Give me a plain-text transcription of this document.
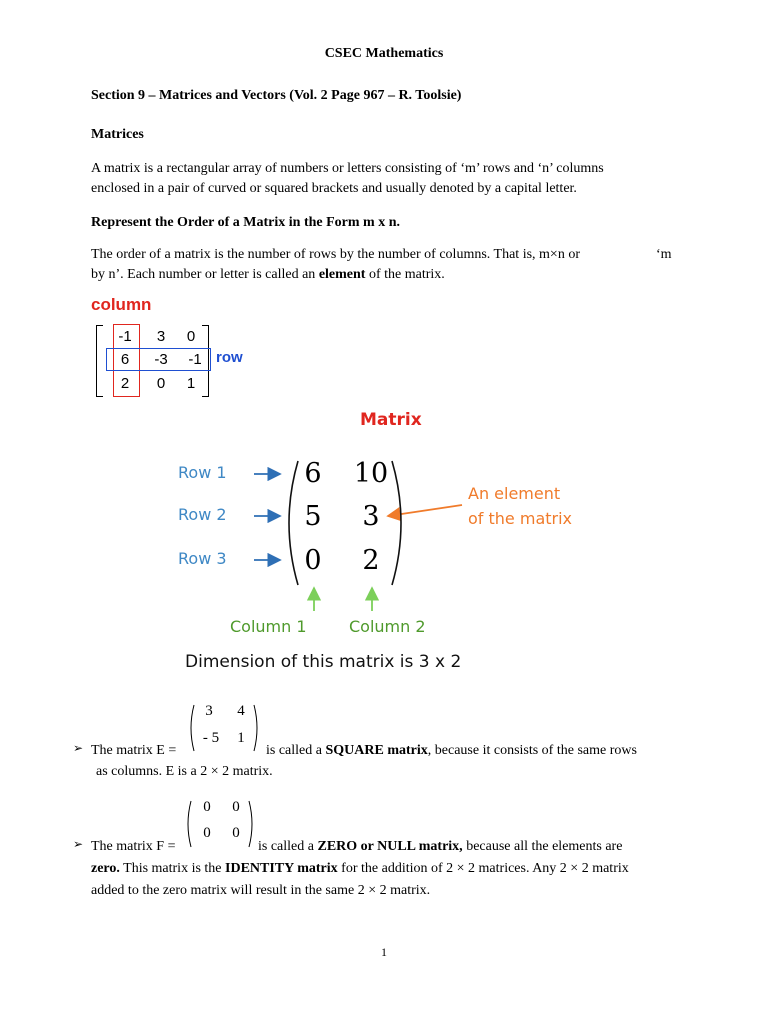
CSEC Mathematics
Section 9 – Matrices and Vectors (Vol. 2 Page 967 – R. Toolsie)
Matrices
A matrix is a rectangular array of numbers or letters consisting of ‘m’ rows and ‘n’ columns
enclosed in a pair of curved or squared brackets and usually denoted by a capital letter.
Represent the Order of a Matrix in the Form m x n.
The order of a matrix is the number of rows by the number of columns. That is, m×n or	‘m
by n’. Each number or letter is called an element of the matrix.
column
-1	3	0
6	-3	-1
2	0	1
row
Matrix
Row 1
Row 2
Row 3
6	10
5	3
0	2
Column 1	Column 2
An element
of the matrix
Dimension of this matrix is 3 x 2
3	4
- 5	1
➢ The matrix E =	is called a SQUARE matrix, because it consists of the same rows
as columns. E is a 2 × 2 matrix.
0	0
0	0
➢ The matrix F =	is called a ZERO or NULL matrix, because all the elements are
zero. This matrix is the IDENTITY matrix for the addition of 2 × 2 matrices. Any 2 × 2 matrix
added to the zero matrix will result in the same 2 × 2 matrix.
1
